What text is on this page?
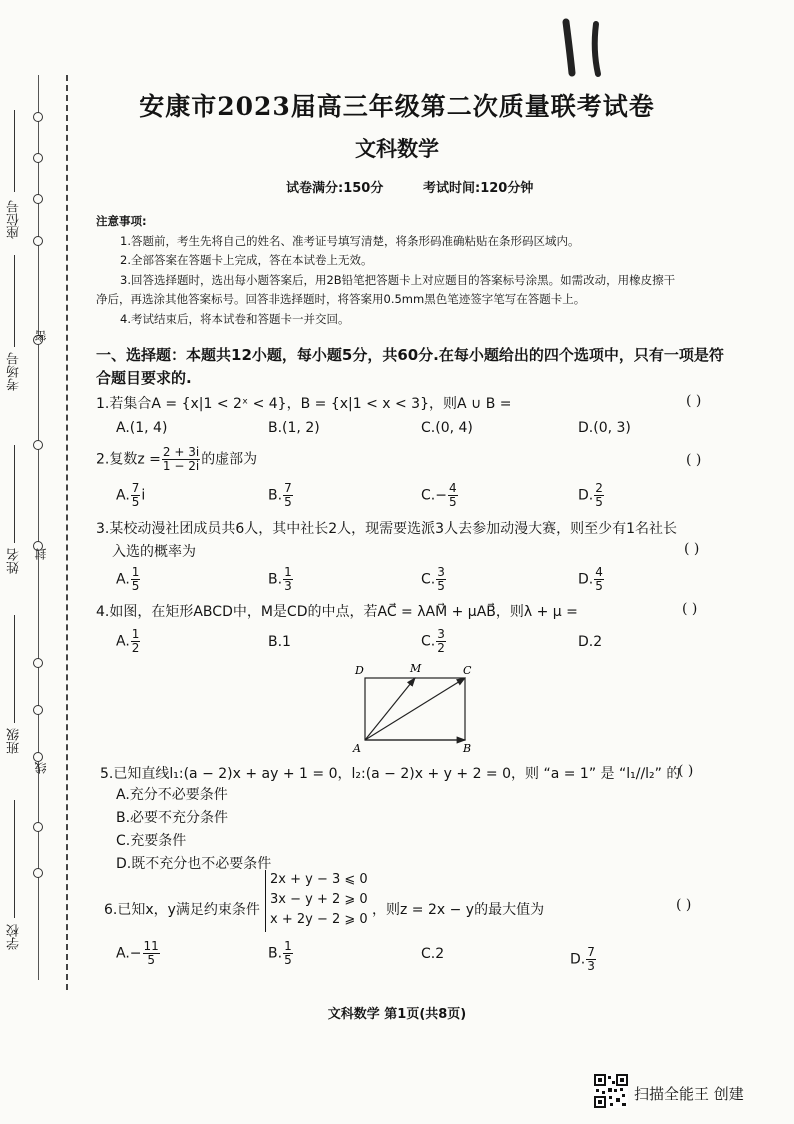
座位号
考场号
姓名
班级
学校
密
封
线
安康市2023届高三年级第二次质量联考试卷
文科数学
试卷满分:150分	考试时间:120分钟
注意事项:
1.答题前，考生先将自己的姓名、准考证号填写清楚，将条形码准确粘贴在条形码区域内。
2.全部答案在答题卡上完成，答在本试卷上无效。
3.回答选择题时，选出每小题答案后，用2B铅笔把答题卡上对应题目的答案标号涂黑。如需改动，用橡皮擦干
净后，再选涂其他答案标号。回答非选择题时，将答案用0.5mm黑色笔迹签字笔写在答题卡上。
4.考试结束后，将本试卷和答题卡一并交回。
一、选择题：本题共12小题，每小题5分，共60分.在每小题给出的四个选项中，只有一项是符
合题目要求的.
1.若集合A = {x|1 < 2ˣ < 4}，B = {x|1 < x < 3}，则A ∪ B =	( )
A.(1, 4)	B.(1, 2)	C.(0, 4)	D.(0, 3)
2.复数$z = \frac{2 + 3i}{1 - 2i}$ 的虚部为	( )
A. $\frac{7}{5}$ i	B. $\frac{7}{5}$	$C.- \frac{4}{5}$	D. $\frac{2}{5}$
3.某校动漫社团成员共6人，其中社长2人，现需要选派3人去参加动漫大赛，则至少有1名社长
入选的概率为	( )
A. $\frac{1}{5}$	B. $\frac{1}{3}$	C. $\frac{3}{5}$	D. $\frac{4}{5}$
4.如图，在矩形ABCD中，M是CD的中点，若AC⃗ = λAM⃗ + μAB⃗，则λ + μ =	( )
A. $\frac{1}{2}$	B.1	C. $\frac{3}{2}$	D.2
D	M	C
A	B
5.已知直线l₁:(a − 2)x + ay + 1 = 0，l₂:(a − 2)x + y + 2 = 0，则 “a = 1” 是 “l₁//l₂” 的
( )
A.充分不必要条件
B.必要不充分条件
C.充要条件
D.既不充分也不必要条件
6.已知x，y满足约束条件
2x + y − 3 ⩽ 0
3x − y + 2 ⩾ 0
x + 2y − 2 ⩾ 0
，则z = 2x − y的最大值为	( )
$A.- \frac{11}{5}$	B. $\frac{1}{5}$	C.2	D. $\frac{7}{3}$
文科数学 第1页(共8页)
扫描全能王 创建
